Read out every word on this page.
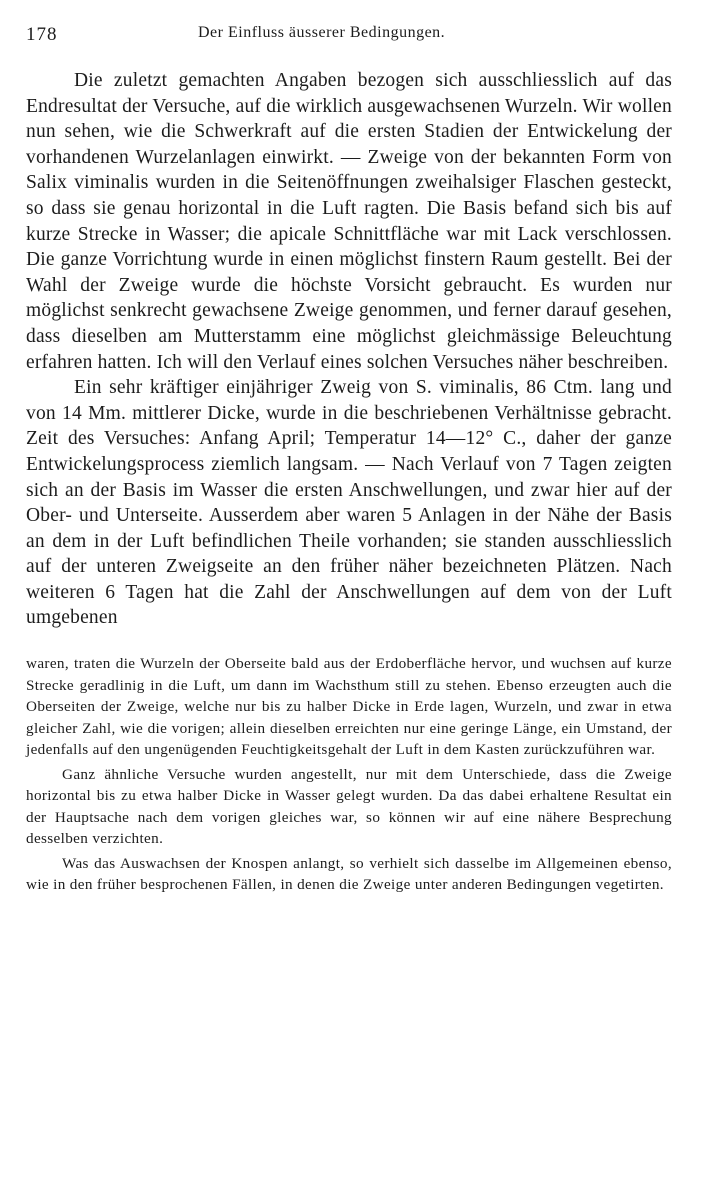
178	Der Einfluss äusserer Bedingungen.

Die zuletzt gemachten Angaben bezogen sich ausschliesslich auf das Endresultat der Versuche, auf die wirklich ausgewachsenen Wurzeln. Wir wollen nun sehen, wie die Schwerkraft auf die ersten Stadien der Entwickelung der vorhandenen Wurzelanlagen einwirkt. — Zweige von der bekannten Form von Salix viminalis wurden in die Seitenöffnungen zweihalsiger Flaschen gesteckt, so dass sie genau horizontal in die Luft ragten. Die Basis befand sich bis auf kurze Strecke in Wasser; die apicale Schnittfläche war mit Lack verschlossen. Die ganze Vorrichtung wurde in einen möglichst finstern Raum gestellt. Bei der Wahl der Zweige wurde die höchste Vorsicht gebraucht. Es wurden nur möglichst senkrecht gewachsene Zweige genommen, und ferner darauf gesehen, dass dieselben am Mutterstamm eine möglichst gleichmässige Beleuchtung erfahren hatten. Ich will den Verlauf eines solchen Versuches näher beschreiben.

Ein sehr kräftiger einjähriger Zweig von S. viminalis, 86 Ctm. lang und von 14 Mm. mittlerer Dicke, wurde in die beschriebenen Verhältnisse gebracht. Zeit des Versuches: Anfang April; Temperatur 14—12° C., daher der ganze Entwickelungsprocess ziemlich langsam. — Nach Verlauf von 7 Tagen zeigten sich an der Basis im Wasser die ersten Anschwellungen, und zwar hier auf der Ober- und Unterseite. Ausserdem aber waren 5 Anlagen in der Nähe der Basis an dem in der Luft befindlichen Theile vorhanden; sie standen ausschliesslich auf der unteren Zweigseite an den früher näher bezeichneten Plätzen. Nach weiteren 6 Tagen hat die Zahl der Anschwellungen auf dem von der Luft umgebenen

waren, traten die Wurzeln der Oberseite bald aus der Erdoberfläche hervor, und wuchsen auf kurze Strecke geradlinig in die Luft, um dann im Wachsthum still zu stehen. Ebenso erzeugten auch die Oberseiten der Zweige, welche nur bis zu halber Dicke in Erde lagen, Wurzeln, und zwar in etwa gleicher Zahl, wie die vorigen; allein dieselben erreichten nur eine geringe Länge, ein Umstand, der jedenfalls auf den ungenügenden Feuchtigkeitsgehalt der Luft in dem Kasten zurückzuführen war.

Ganz ähnliche Versuche wurden angestellt, nur mit dem Unterschiede, dass die Zweige horizontal bis zu etwa halber Dicke in Wasser gelegt wurden. Da das dabei erhaltene Resultat ein der Hauptsache nach dem vorigen gleiches war, so können wir auf eine nähere Besprechung desselben verzichten.

Was das Auswachsen der Knospen anlangt, so verhielt sich dasselbe im Allgemeinen ebenso, wie in den früher besprochenen Fällen, in denen die Zweige unter anderen Bedingungen vegetirten.
